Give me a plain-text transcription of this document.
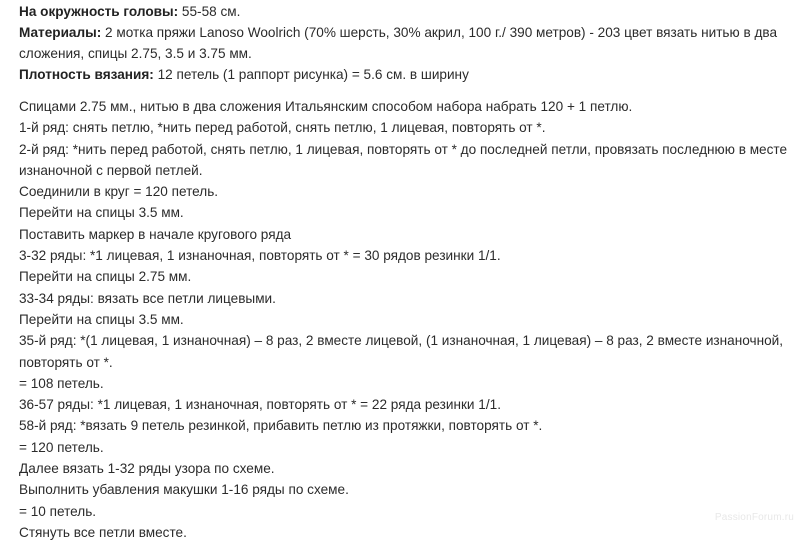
На окружность головы: 55-58 см.
Материалы: 2 мотка пряжи Lanoso Woolrich (70% шерсть, 30% акрил, 100 г./ 390 метров) - 203 цвет вязать нитью в два сложения, спицы 2.75, 3.5 и 3.75 мм.
Плотность вязания: 12 петель (1 раппорт рисунка) = 5.6 см. в ширину
Спицами 2.75 мм., нитью в два сложения Итальянским способом набора набрать 120 + 1 петлю.
1-й ряд: снять петлю, *нить перед работой, снять петлю, 1 лицевая, повторять от *.
2-й ряд: *нить перед работой, снять петлю, 1 лицевая, повторять от * до последней петли, провязать последнюю в месте изнаночной с первой петлей.
Соединили в круг = 120 петель.
Перейти на спицы 3.5 мм.
Поставить маркер в начале кругового ряда
3-32 ряды: *1 лицевая, 1 изнаночная, повторять от * = 30 рядов резинки 1/1.
Перейти на спицы 2.75 мм.
33-34 ряды: вязать все петли лицевыми.
Перейти на спицы 3.5 мм.
35-й ряд: *(1 лицевая, 1 изнаночная) – 8 раз, 2 вместе лицевой, (1 изнаночная, 1 лицевая) – 8 раз, 2 вместе изнаночной, повторять от *.
= 108 петель.
36-57 ряды: *1 лицевая, 1 изнаночная, повторять от * = 22 ряда резинки 1/1.
58-й ряд: *вязать 9 петель резинкой, прибавить петлю из протяжки, повторять от *.
= 120 петель.
Далее вязать 1-32 ряды узора по схеме.
Выполнить убавления макушки 1-16 ряды по схеме.
= 10 петель.
Стянуть все петли вместе.
PassionForum.ru
